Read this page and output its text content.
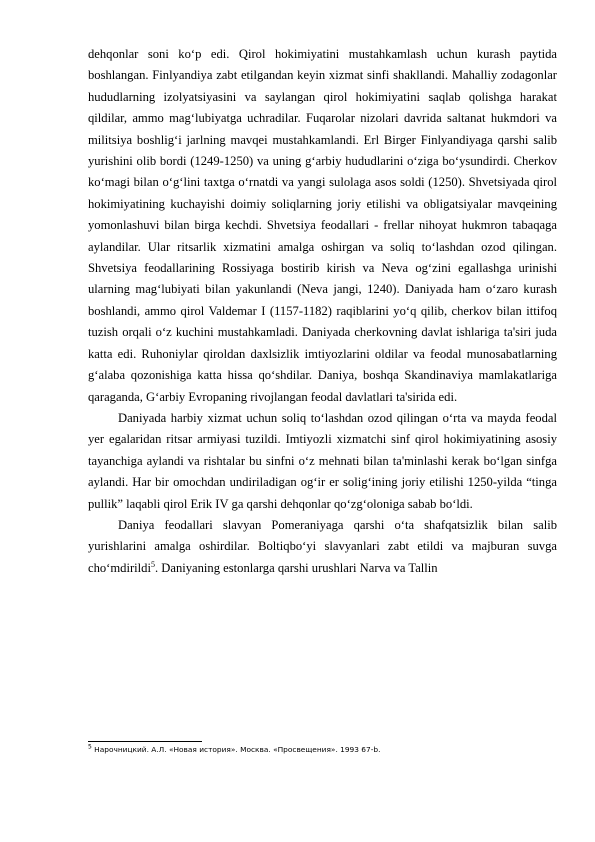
dehqonlar soni ko‘p edi. Qirol hokimiyatini mustahkamlash uchun kurash paytida boshlangan. Finlyandiya zabt etilgandan keyin xizmat sinfi shakllandi. Mahalliy zodagonlar hududlarning izolyatsiyasini va saylangan qirol hokimiyatini saqlab qolishga harakat qildilar, ammo mag‘lubiyatga uchradilar. Fuqarolar nizolari davrida saltanat hukmdori va militsiya boshlig‘i jarlning mavqei mustahkamlandi. Erl Birger Finlyandiyaga qarshi salib yurishini olib bordi (1249-1250) va uning g‘arbiy hududlarini o‘ziga bo‘ysundirdi. Cherkov ko‘magi bilan o‘g‘lini taxtga o‘rnatdi va yangi sulolaga asos soldi (1250). Shvetsiyada qirol hokimiyatining kuchayishi doimiy soliqlarning joriy etilishi va obligatsiyalar mavqeining yomonlashuvi bilan birga kechdi. Shvetsiya feodallari - frellar nihoyat hukmron tabaqaga aylandilar. Ular ritsarlik xizmatini amalga oshirgan va soliq to‘lashdan ozod qilingan. Shvetsiya feodallarining Rossiyaga bostirib kirish va Neva og‘zini egallashga urinishi ularning mag‘lubiyati bilan yakunlandi (Neva jangi, 1240). Daniyada ham o‘zaro kurash boshlandi, ammo qirol Valdemar I (1157-1182) raqiblarini yo‘q qilib, cherkov bilan ittifoq tuzish orqali o‘z kuchini mustahkamladi. Daniyada cherkovning davlat ishlariga ta'siri juda katta edi. Ruhoniylar qiroldan daxlsizlik imtiyozlarini oldilar va feodal munosabatlarning g‘alaba qozonishiga katta hissa qo‘shdilar. Daniya, boshqa Skandinaviya mamlakatlariga qaraganda, G‘arbiy Evropaning rivojlangan feodal davlatlari ta'sirida edi.

Daniyada harbiy xizmat uchun soliq to‘lashdan ozod qilingan o‘rta va mayda feodal yer egalaridan ritsar armiyasi tuzildi. Imtiyozli xizmatchi sinf qirol hokimiyatining asosiy tayanchiga aylandi va rishtalar bu sinfni o‘z mehnati bilan ta'minlashi kerak bo‘lgan sinfga aylandi. Har bir omochdan undiriladigan og‘ir er solig‘ining joriy etilishi 1250-yilda “tinga pullik” laqabli qirol Erik IV ga qarshi dehqonlar qo‘zg‘oloniga sabab bo‘ldi.

Daniya feodallari slavyan Pomeraniyaga qarshi o‘ta shafqatsizlik bilan salib yurishlarini amalga oshirdilar. Boltiqbo‘yi slavyanlari zabt etildi va majburan suvga cho‘mdirildi$^5$. Daniyaning estonlarga qarshi urushlari Narva va Tallin

$^5$ Нарочницкий. А.Л. «Новая история». Москва. «Просвещения». 1993 67-b.
